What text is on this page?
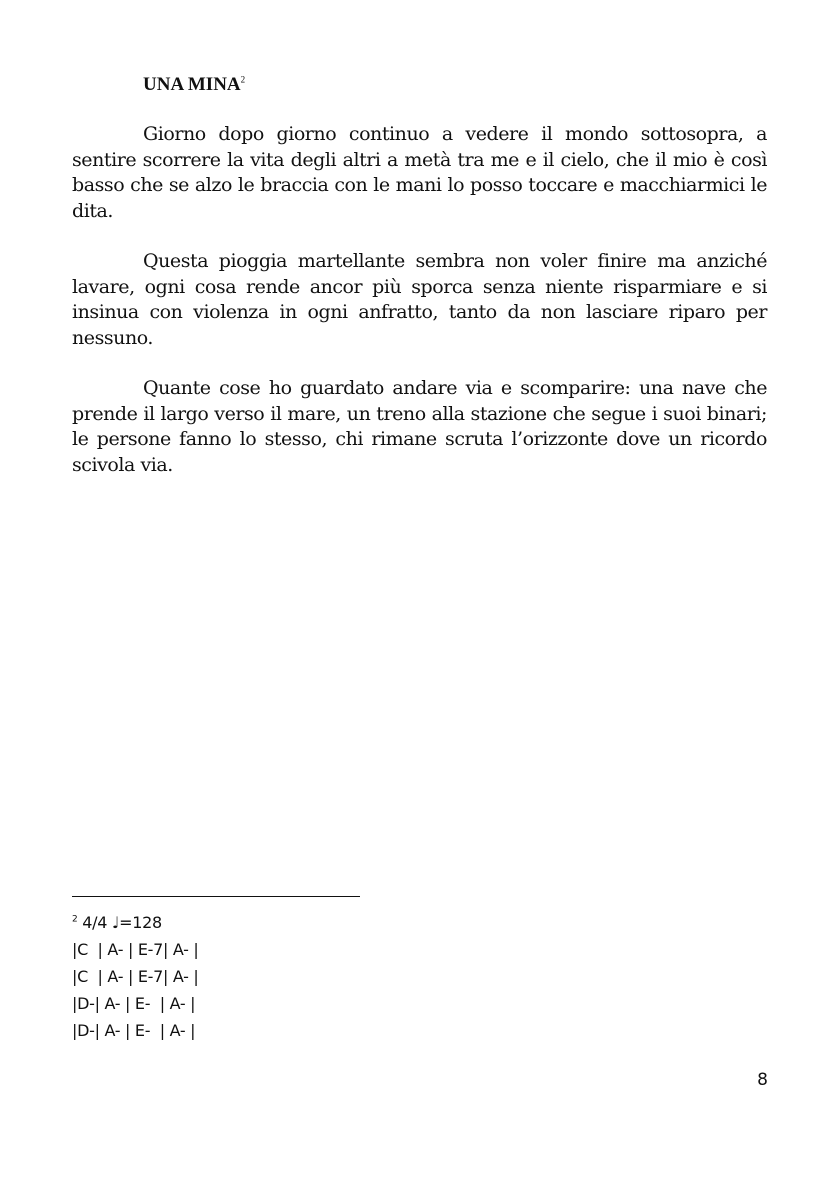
UNA MINA$^2$

Giorno dopo giorno continuo a vedere il mondo sottosopra, a sentire scorrere la vita degli altri a metà tra me e il cielo, che il mio è così basso che se alzo le braccia con le mani lo posso toccare e macchiarmici le dita.

Questa pioggia martellante sembra non voler finire ma anziché lavare, ogni cosa rende ancor più sporca senza niente risparmiare e si insinua con violenza in ogni anfratto, tanto da non lasciare riparo per nessuno.

Quante cose ho guardato andare via e scomparire: una nave che prende il largo verso il mare, un treno alla stazione che segue i suoi binari; le persone fanno lo stesso, chi rimane scruta l’orizzonte dove un ricordo scivola via.

$^2$ 4/4 ♩=128
|C  | A- | E-7| A- |
|C  | A- | E-7| A- |
|D-| A- | E-  | A- |
|D-| A- | E-  | A- |
8
